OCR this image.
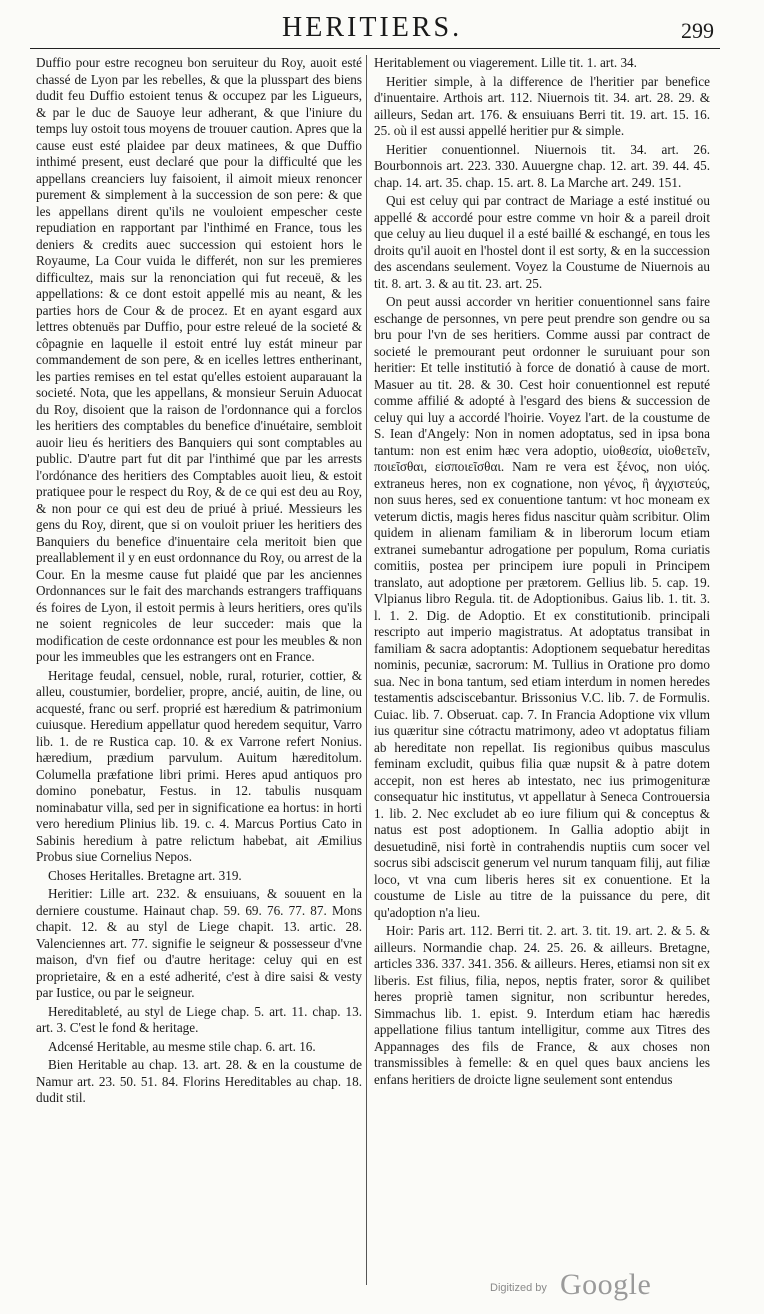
HERITIERS.	299

Duffio pour estre recogneu bon seruiteur du Roy, auoit esté chassé de Lyon par les rebelles, & que la plusspart des biens dudit feu Duffio estoient tenus & occupez par les Ligueurs, & par le duc de Sauoye leur adherant, & que l'iniure du temps luy ostoit tous moyens de trouuer caution. Apres que la cause eust esté plaidee par deux matinees, & que Duffio inthimé present, eust declaré que pour la difficulté que les appellans creanciers luy faisoient, il aimoit mieux renoncer purement & simplement à la succession de son pere: & que les appellans dirent qu'ils ne vouloient empescher ceste repudiation en rapportant par l'inthimé en France, tous les deniers & credits auec succession qui estoient hors le Royaume, La Cour vuida le differét, non sur les premieres difficultez, mais sur la renonciation qui fut receuë, & les appellations: & ce dont estoit appellé mis au neant, & les parties hors de Cour & de procez. Et en ayant esgard aux lettres obtenuës par Duffio, pour estre releué de la societé & côpagnie en laquelle il estoit entré luy estát mineur par commandement de son pere, & en icelles lettres entherinant, les parties remises en tel estat qu'elles estoient auparauant la societé. Nota, que les appellans, & monsieur Seruin Aduocat du Roy, disoient que la raison de l'ordonnance qui a forclos les heritiers des comptables du benefice d'inuétaire, sembloit auoir lieu és heritiers des Banquiers qui sont comptables au public. D'autre part fut dit par l'inthimé que par les arrests l'ordónance des heritiers des Comptables auoit lieu, & estoit pratiquee pour le respect du Roy, & de ce qui est deu au Roy, & non pour ce qui est deu de priué à priué. Messieurs les gens du Roy, dirent, que si on vouloit priuer les heritiers des Banquiers du benefice d'inuentaire cela meritoit bien que preallablement il y en eust ordonnance du Roy, ou arrest de la Cour. En la mesme cause fut plaidé que par les anciennes Ordonnances sur le fait des marchands estrangers traffiquans és foires de Lyon, il estoit permis à leurs heritiers, ores qu'ils ne soient regnicoles de leur succeder: mais que la modification de ceste ordonnance est pour les meubles & non pour les immeubles que les estrangers ont en France.

Heritage feudal, censuel, noble, rural, roturier, cottier, & alleu, coustumier, bordelier, propre, ancié, auitin, de line, ou acquesté, franc ou serf. proprié est hæredium & patrimonium cuiusque. Heredium appellatur quod heredem sequitur, Varro lib. 1. de re Rustica cap. 10. & ex Varrone refert Nonius. hæredium, prædium parvulum. Auitum hæreditolum. Columella præfatione libri primi. Heres apud antiquos pro domino ponebatur, Festus. in 12. tabulis nusquam nominabatur villa, sed per in significatione ea hortus: in horti vero heredium Plinius lib. 19. c. 4. Marcus Portius Cato in Sabinis heredium à patre relictum habebat, ait Æmilius Probus siue Cornelius Nepos.

Choses Heritalles. Bretagne art. 319.

Heritier: Lille art. 232. & ensuiuans, & souuent en la derniere coustume. Hainaut chap. 59. 69. 76. 77. 87. Mons chapit. 12. & au styl de Liege chapit. 13. artic. 28. Valenciennes art. 77. signifie le seigneur & possesseur d'vne maison, d'vn fief ou d'autre heritage: celuy qui en est proprietaire, & en a esté adherité, c'est à dire saisi & vesty par Iustice, ou par le seigneur.

Hereditableté, au styl de Liege chap. 5. art. 11. chap. 13. art. 3. C'est le fond & heritage.

Adcensé Heritable, au mesme stile chap. 6. art. 16.

Bien Heritable au chap. 13. art. 28. & en la coustume de Namur art. 23. 50. 51. 84. Florins Hereditables au chap. 18. dudit stil.

Heritablement ou viagerement. Lille tit. 1. art. 34.

Heritier simple, à la difference de l'heritier par benefice d'inuentaire. Arthois art. 112. Niuernois tit. 34. art. 28. 29. & ailleurs, Sedan art. 176. & ensuiuans Berri tit. 19. art. 15. 16. 25. où il est aussi appellé heritier pur & simple.

Heritier conuentionnel. Niuernois tit. 34. art. 26. Bourbonnois art. 223. 330. Auuergne chap. 12. art. 39. 44. 45. chap. 14. art. 35. chap. 15. art. 8. La Marche art. 249. 151.

Qui est celuy qui par contract de Mariage a esté institué ou appellé & accordé pour estre comme vn hoir & a pareil droit que celuy au lieu duquel il a esté baillé & eschangé, en tous les droits qu'il auoit en l'hostel dont il est sorty, & en la succession des ascendans seulement. Voyez la Coustume de Niuernois au tit. 8. art. 3. & au tit. 23. art. 25.

On peut aussi accorder vn heritier conuentionnel sans faire eschange de personnes, vn pere peut prendre son gendre ou sa bru pour l'vn de ses heritiers. Comme aussi par contract de societé le premourant peut ordonner le suruiuant pour son heritier: Et telle institutió à force de donatió à cause de mort. Masuer au tit. 28. & 30. Cest hoir conuentionnel est reputé comme affilié & adopté à l'esgard des biens & succession de celuy qui luy a accordé l'hoirie. Voyez l'art. de la coustume de S. Iean d'Angely: Non in nomen adoptatus, sed in ipsa bona tantum: non est enim hæc vera adoptio, υἱοθεσία, υἱοθετεῖν, ποιεῖσθαι, εἰσποιεῖσθαι. Nam re vera est ξένος, non υἱός. extraneus heres, non ex cognatione, non γένος, ἢ ἀγχιστεύς, non suus heres, sed ex conuentione tantum: vt hoc moneam ex veterum dictis, magis heres fidus nascitur quàm scribitur. Olim quidem in alienam familiam & in liberorum locum etiam extranei sumebantur adrogatione per populum, Roma curiatis comitiis, postea per principem iure populi in Principem translato, aut adoptione per prætorem. Gellius lib. 5. cap. 19. Vlpianus libro Regula. tit. de Adoptionibus. Gaius lib. 1. tit. 3. l. 1. 2. Dig. de Adoptio. Et ex constitutionib. principali rescripto aut imperio magistratus. At adoptatus transibat in familiam & sacra adoptantis: Adoptionem sequebatur hereditas nominis, pecuniæ, sacrorum: M. Tullius in Oratione pro domo sua. Nec in bona tantum, sed etiam interdum in nomen heredes testamentis adsciscebantur. Brissonius V.C. lib. 7. de Formulis. Cuiac. lib. 7. Obseruat. cap. 7. In Francia Adoptione vix vllum ius quæritur sine cótractu matrimony, adeo vt adoptatus filiam ab hereditate non repellat. Iis regionibus quibus masculus feminam excludit, quibus filia quæ nupsit & à patre dotem accepit, non est heres ab intestato, nec ius primogenituræ consequatur hic institutus, vt appellatur à Seneca Controuersia 1. lib. 2. Nec excludet ab eo iure filium qui & conceptus & natus est post adoptionem. In Gallia adoptio abijt in desuetudinē, nisi fortè in contrahendis nuptiis cum socer vel socrus sibi adsciscit generum vel nurum tanquam filij, aut filiæ loco, vt vna cum liberis heres sit ex conuentione. Et la coustume de Lisle au titre de la puissance du pere, dit qu'adoption n'a lieu.

Hoir: Paris art. 112. Berri tit. 2. art. 3. tit. 19. art. 2. & 5. & ailleurs. Normandie chap. 24. 25. 26. & ailleurs. Bretagne, articles 336. 337. 341. 356. & ailleurs. Heres, etiamsi non sit ex liberis. Est filius, filia, nepos, neptis frater, soror & quilibet heres propriè tamen signitur, non scribuntur heredes, Simmachus lib. 1. epist. 9. Interdum etiam hac hæredis appellatione filius tantum intelligitur, comme aux Titres des Appannages des fils de France, & aux choses non transmissibles à femelle: & en quel ques baux anciens les enfans heritiers de droicte ligne seulement sont entendus

Digitized by Google
